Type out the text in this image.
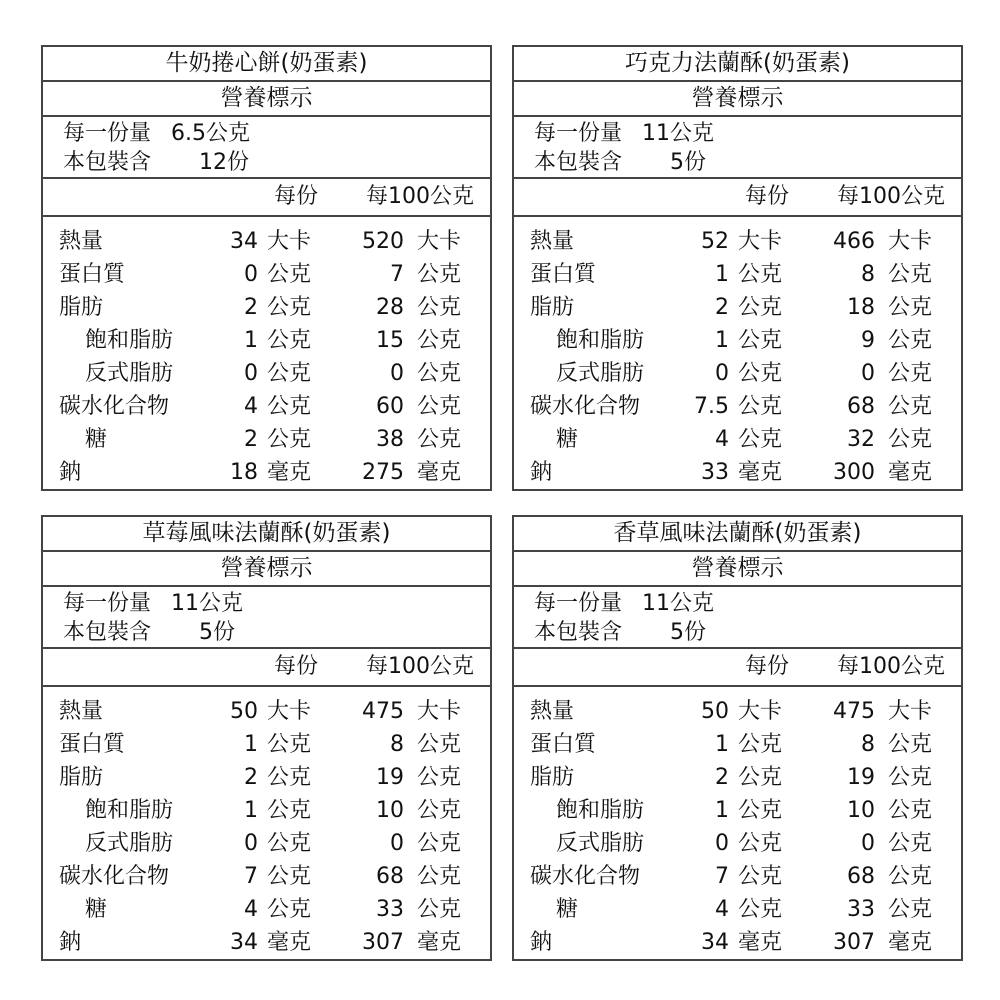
牛奶捲心餅(奶蛋素)
營養標示
每一份量 6.5公克
本包裝含 12份
每份 每100公克
熱量	34 大卡 520 大卡
蛋白質	0 公克	7 公克
脂肪	2 公克	28 公克
飽和脂肪	1 公克	15 公克
反式脂肪	0 公克	0 公克
碳水化合物	4 公克	60 公克
糖	2 公克	38 公克
鈉	18 毫克 275 毫克
巧克力法蘭酥(奶蛋素)
營養標示
每一份量 11公克
本包裝含 5份
每份 每100公克
熱量	52 大卡 466 大卡
蛋白質	1 公克	8 公克
脂肪	2 公克	18 公克
飽和脂肪	1 公克	9 公克
反式脂肪	0 公克	0 公克
碳水化合物 7.5 公克	68 公克
糖	4 公克	32 公克
鈉	33 毫克 300 毫克
草莓風味法蘭酥(奶蛋素)
營養標示
每一份量 11公克
本包裝含 5份
每份 每100公克
熱量	50 大卡 475 大卡
蛋白質	1 公克	8 公克
脂肪	2 公克	19 公克
飽和脂肪	1 公克	10 公克
反式脂肪	0 公克	0 公克
碳水化合物	7 公克	68 公克
糖	4 公克	33 公克
鈉	34 毫克 307 毫克
香草風味法蘭酥(奶蛋素)
營養標示
每一份量 11公克
本包裝含 5份
每份 每100公克
熱量	50 大卡 475 大卡
蛋白質	1 公克	8 公克
脂肪	2 公克	19 公克
飽和脂肪	1 公克	10 公克
反式脂肪	0 公克	0 公克
碳水化合物	7 公克	68 公克
糖	4 公克	33 公克
鈉	34 毫克 307 毫克
